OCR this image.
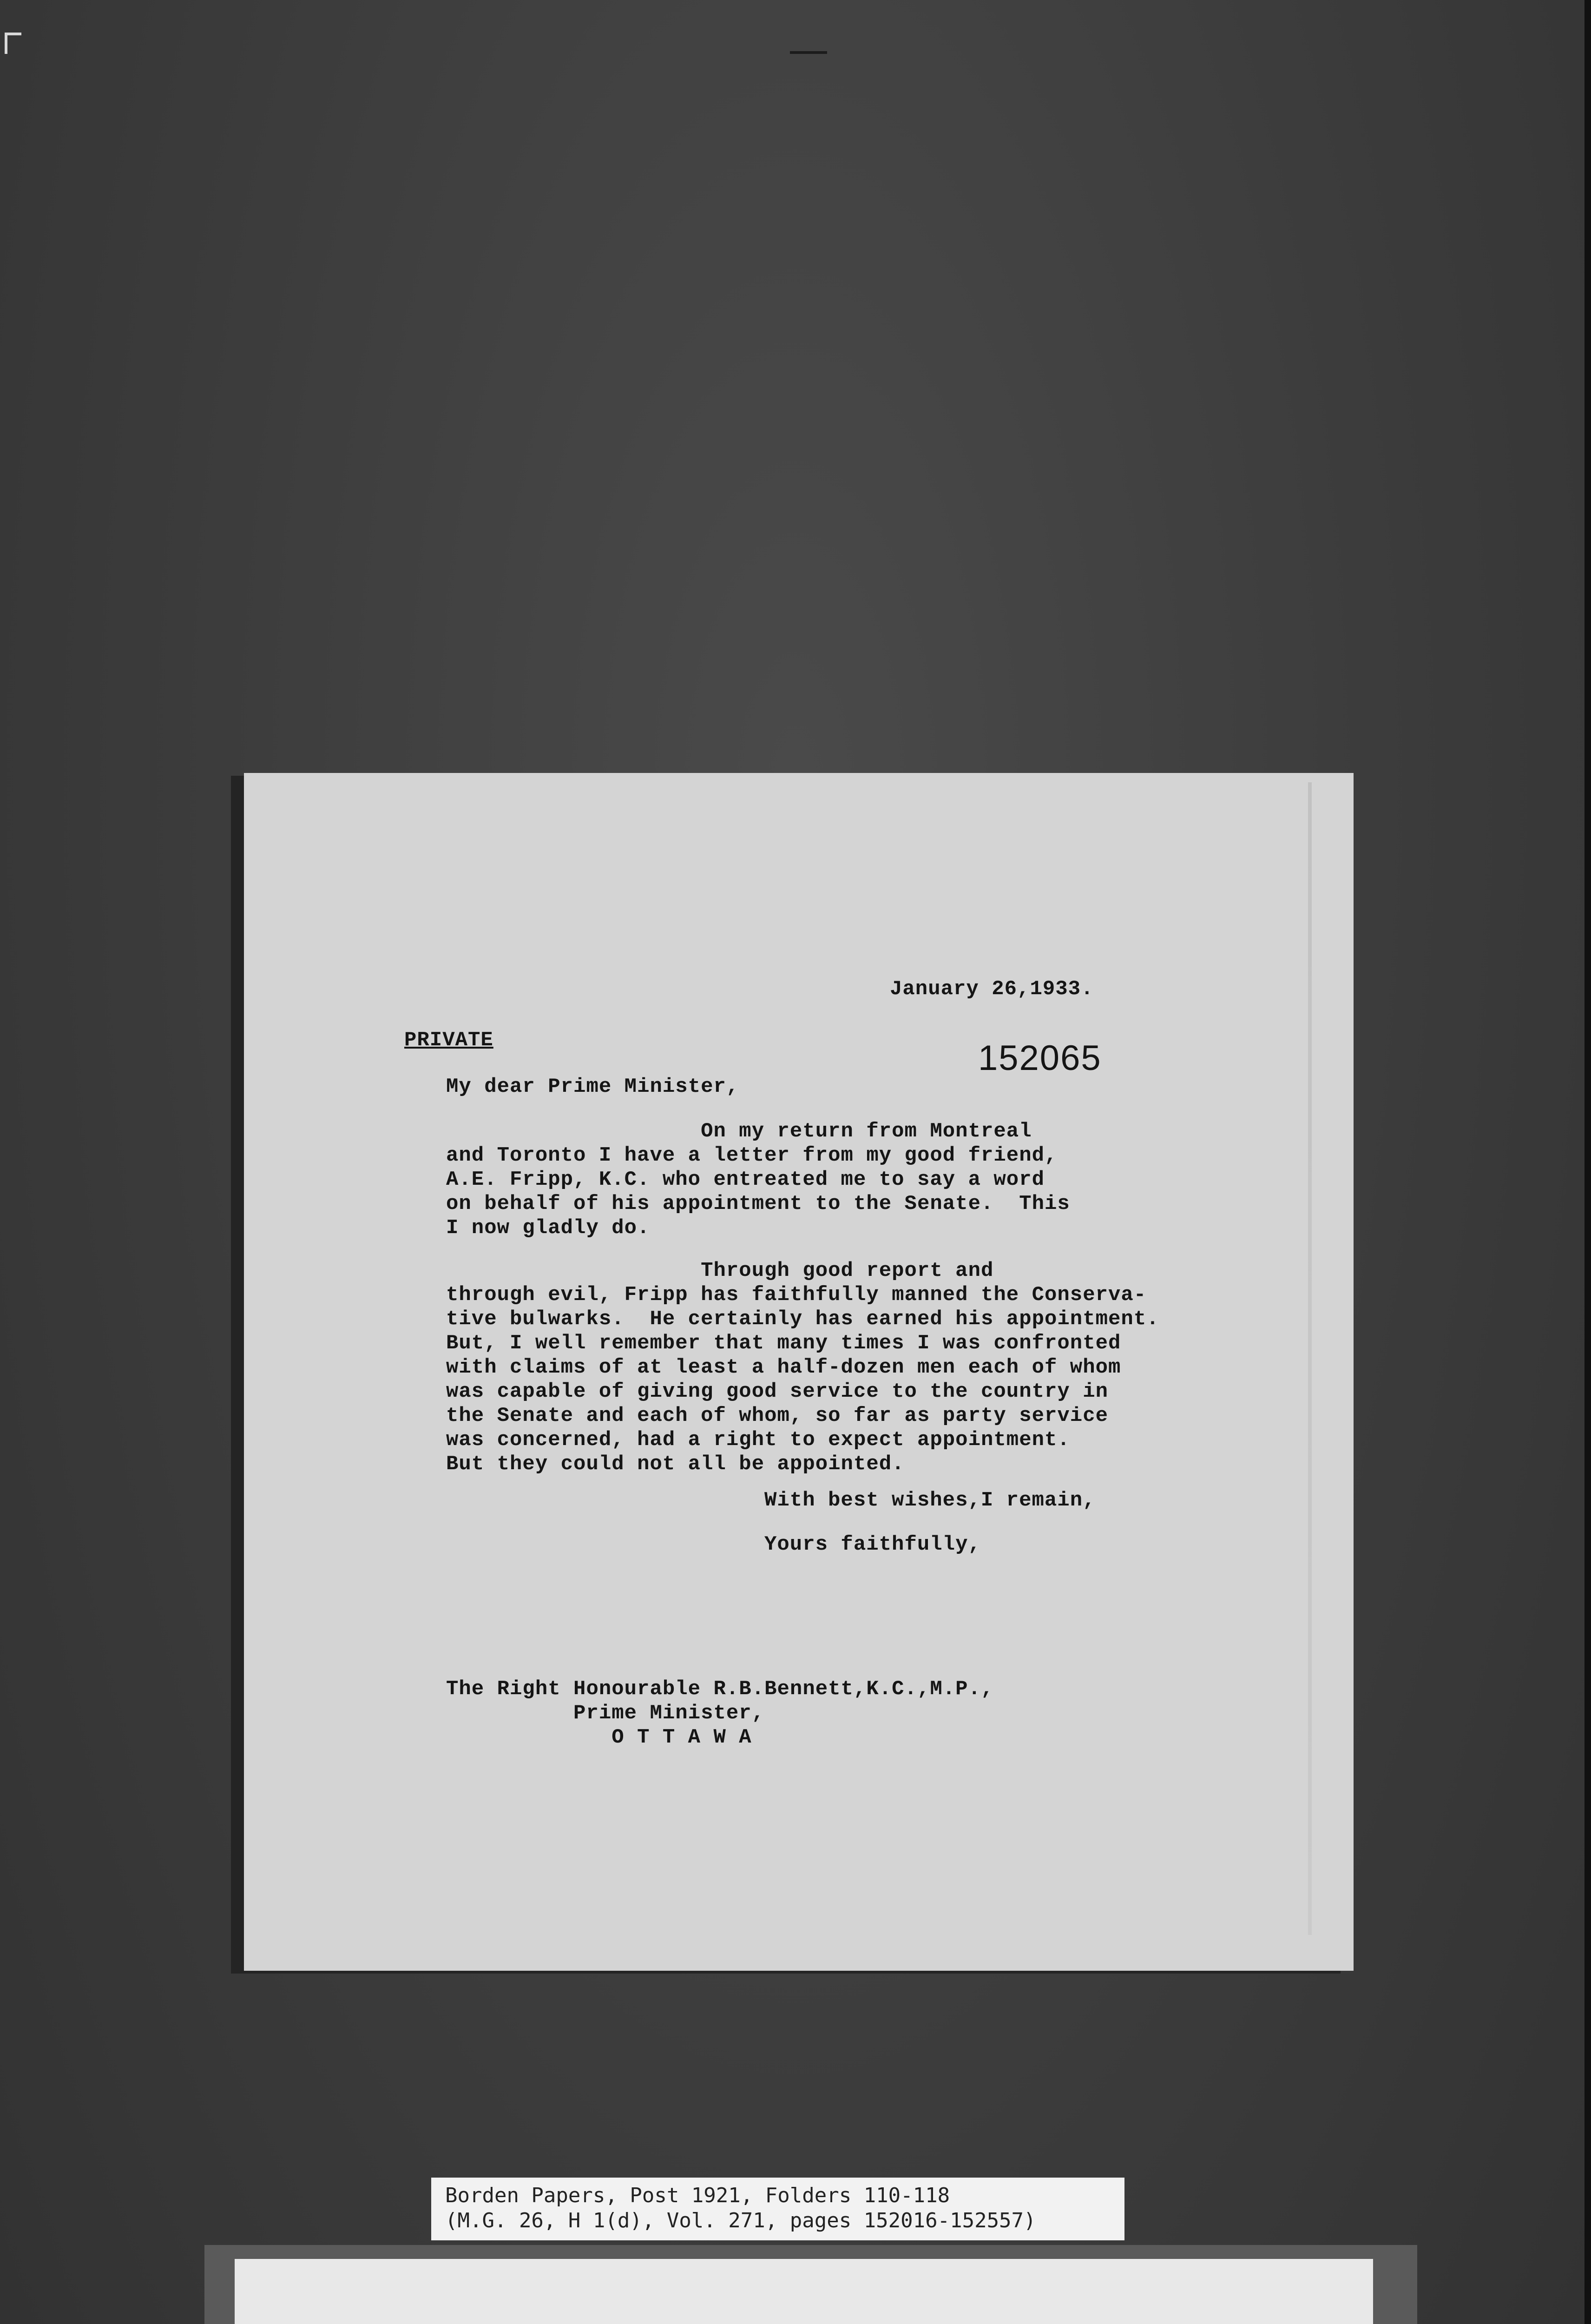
January 26,1933.
PRIVATE	152065
My dear Prime Minister,
On my return from Montreal
and Toronto I have a letter from my good friend,
A.E. Fripp, K.C. who entreated me to say a word
on behalf of his appointment to the Senate.  This
I now gladly do.
Through good report and
through evil, Fripp has faithfully manned the Conserva-
tive bulwarks.  He certainly has earned his appointment.
But, I well remember that many times I was confronted
with claims of at least a half-dozen men each of whom
was capable of giving good service to the country in
the Senate and each of whom, so far as party service
was concerned, had a right to expect appointment.
But they could not all be appointed.
With best wishes,I remain,
Yours faithfully,
The Right Honourable R.B.Bennett,K.C.,M.P.,
Prime Minister,
O T T A W A
Borden Papers, Post 1921, Folders 110-118
(M.G. 26, H 1(d), Vol. 271, pages 152016-152557)
